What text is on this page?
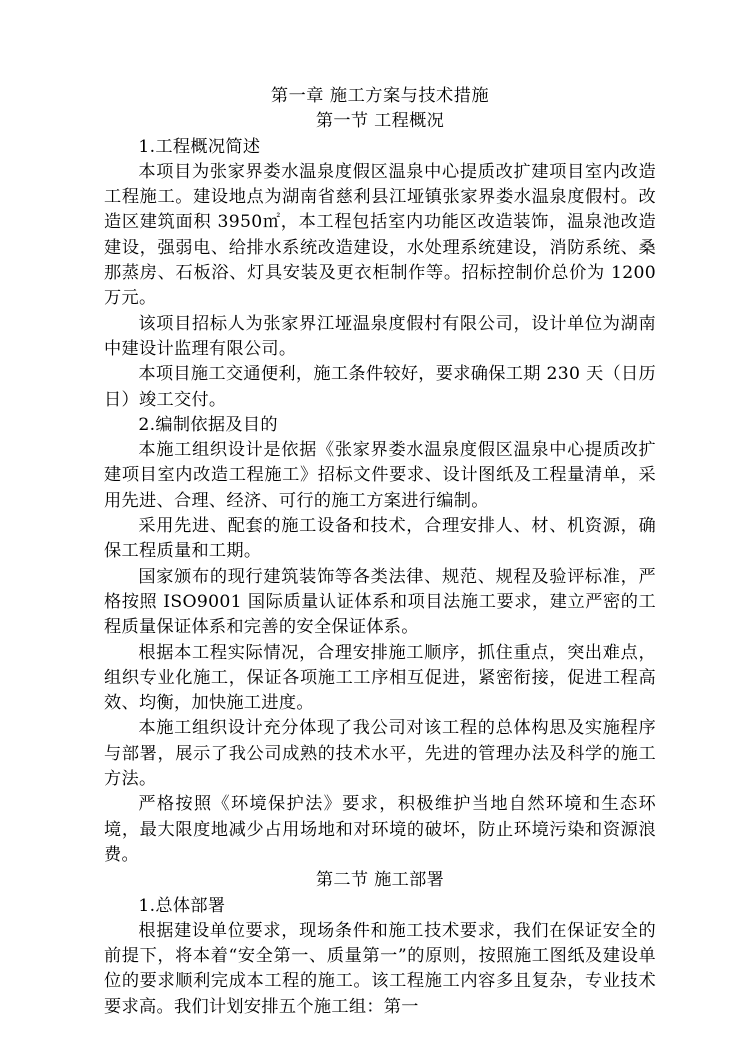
第一章 施工方案与技术措施
第一节 工程概况

1.工程概况简述

本项目为张家界娄水温泉度假区温泉中心提质改扩建项目室内改造工程施工。建设地点为湖南省慈利县江垭镇张家界娄水温泉度假村。改造区建筑面积 3950㎡，本工程包括室内功能区改造装饰，温泉池改造建设，强弱电、给排水系统改造建设，水处理系统建设，消防系统、桑那蒸房、石板浴、灯具安装及更衣柜制作等。招标控制价总价为 1200 万元。

该项目招标人为张家界江垭温泉度假村有限公司，设计单位为湖南中建设计监理有限公司。

本项目施工交通便利，施工条件较好，要求确保工期 230 天（日历日）竣工交付。

2.编制依据及目的

本施工组织设计是依据《张家界娄水温泉度假区温泉中心提质改扩建项目室内改造工程施工》招标文件要求、设计图纸及工程量清单，采用先进、合理、经济、可行的施工方案进行编制。

采用先进、配套的施工设备和技术，合理安排人、材、机资源，确保工程质量和工期。

国家颁布的现行建筑装饰等各类法律、规范、规程及验评标准，严格按照 ISO9001 国际质量认证体系和项目法施工要求，建立严密的工程质量保证体系和完善的安全保证体系。

根据本工程实际情况，合理安排施工顺序，抓住重点，突出难点，组织专业化施工，保证各项施工工序相互促进，紧密衔接，促进工程高效、均衡，加快施工进度。

本施工组织设计充分体现了我公司对该工程的总体构思及实施程序与部署，展示了我公司成熟的技术水平，先进的管理办法及科学的施工方法。

严格按照《环境保护法》要求，积极维护当地自然环境和生态环境，最大限度地减少占用场地和对环境的破坏，防止环境污染和资源浪费。

第二节 施工部署

1.总体部署

根据建设单位要求，现场条件和施工技术要求，我们在保证安全的前提下，将本着“安全第一、质量第一”的原则，按照施工图纸及建设单位的要求顺利完成本工程的施工。该工程施工内容多且复杂，专业技术要求高。我们计划安排五个施工组：第一
